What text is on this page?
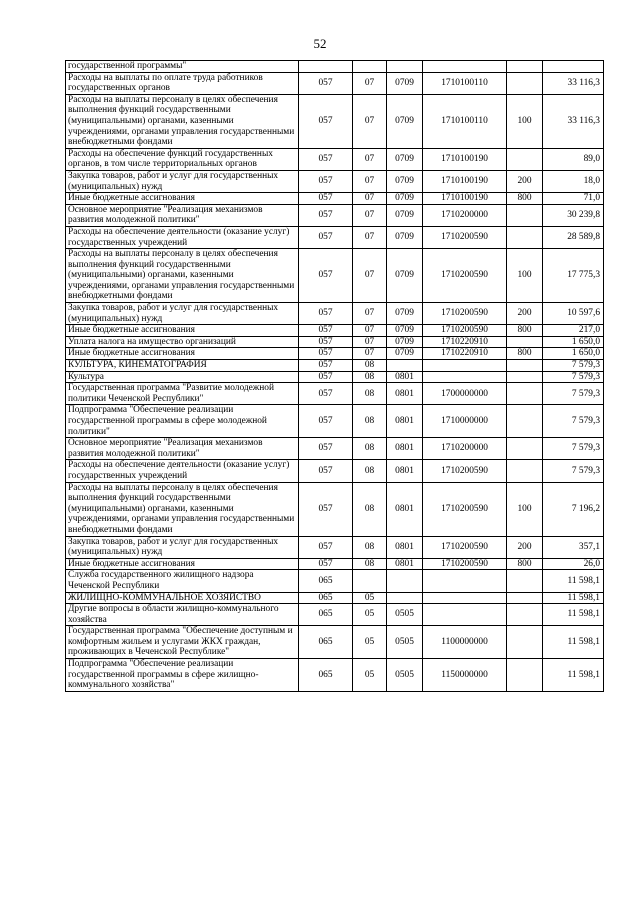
52
государственной программы"						
Расходы на выплаты по оплате труда работников государственных органов	057	07	0709	1710100110		33 116,3
Расходы на выплаты персоналу в целях обеспечения выполнения функций государственными (муниципальными) органами, казенными учреждениями, органами управления государственными внебюджетными фондами	057	07	0709	1710100110	100	33 116,3
Расходы на обеспечение функций государственных органов, в том числе территориальных органов	057	07	0709	1710100190		89,0
Закупка товаров, работ и услуг для государственных (муниципальных) нужд	057	07	0709	1710100190	200	18,0
Иные бюджетные ассигнования	057	07	0709	1710100190	800	71,0
Основное мероприятие "Реализация механизмов развития молодежной политики"	057	07	0709	1710200000		30 239,8
Расходы на обеспечение деятельности (оказание услуг) государственных учреждений	057	07	0709	1710200590		28 589,8
Расходы на выплаты персоналу в целях обеспечения выполнения функций государственными (муниципальными) органами, казенными учреждениями, органами управления государственными внебюджетными фондами	057	07	0709	1710200590	100	17 775,3
Закупка товаров, работ и услуг для государственных (муниципальных) нужд	057	07	0709	1710200590	200	10 597,6
Иные бюджетные ассигнования	057	07	0709	1710200590	800	217,0
Уплата налога на имущество организаций	057	07	0709	1710220910		1 650,0
Иные бюджетные ассигнования	057	07	0709	1710220910	800	1 650,0
КУЛЬТУРА, КИНЕМАТОГРАФИЯ	057	08				7 579,3
Культура	057	08	0801			7 579,3
Государственная программа "Развитие молодежной политики Чеченской Республики"	057	08	0801	1700000000		7 579,3
Подпрограмма "Обеспечение реализации государственной программы в сфере молодежной политики"	057	08	0801	1710000000		7 579,3
Основное мероприятие "Реализация механизмов развития молодежной политики"	057	08	0801	1710200000		7 579,3
Расходы на обеспечение деятельности (оказание услуг) государственных учреждений	057	08	0801	1710200590		7 579,3
Расходы на выплаты персоналу в целях обеспечения выполнения функций государственными (муниципальными) органами, казенными учреждениями, органами управления государственными внебюджетными фондами	057	08	0801	1710200590	100	7 196,2
Закупка товаров, работ и услуг для государственных (муниципальных) нужд	057	08	0801	1710200590	200	357,1
Иные бюджетные ассигнования	057	08	0801	1710200590	800	26,0
Служба государственного жилищного надзора Чеченской Республики	065					11 598,1
ЖИЛИЩНО-КОММУНАЛЬНОЕ ХОЗЯЙСТВО	065	05				11 598,1
Другие вопросы в области жилищно-коммунального хозяйства	065	05	0505			11 598,1
Государственная программа "Обеспечение доступным и комфортным жильем и услугами ЖКХ граждан, проживающих в Чеченской Республике"	065	05	0505	1100000000		11 598,1
Подпрограмма "Обеспечение реализации государственной программы в сфере жилищно-коммунального хозяйства"	065	05	0505	1150000000		11 598,1
